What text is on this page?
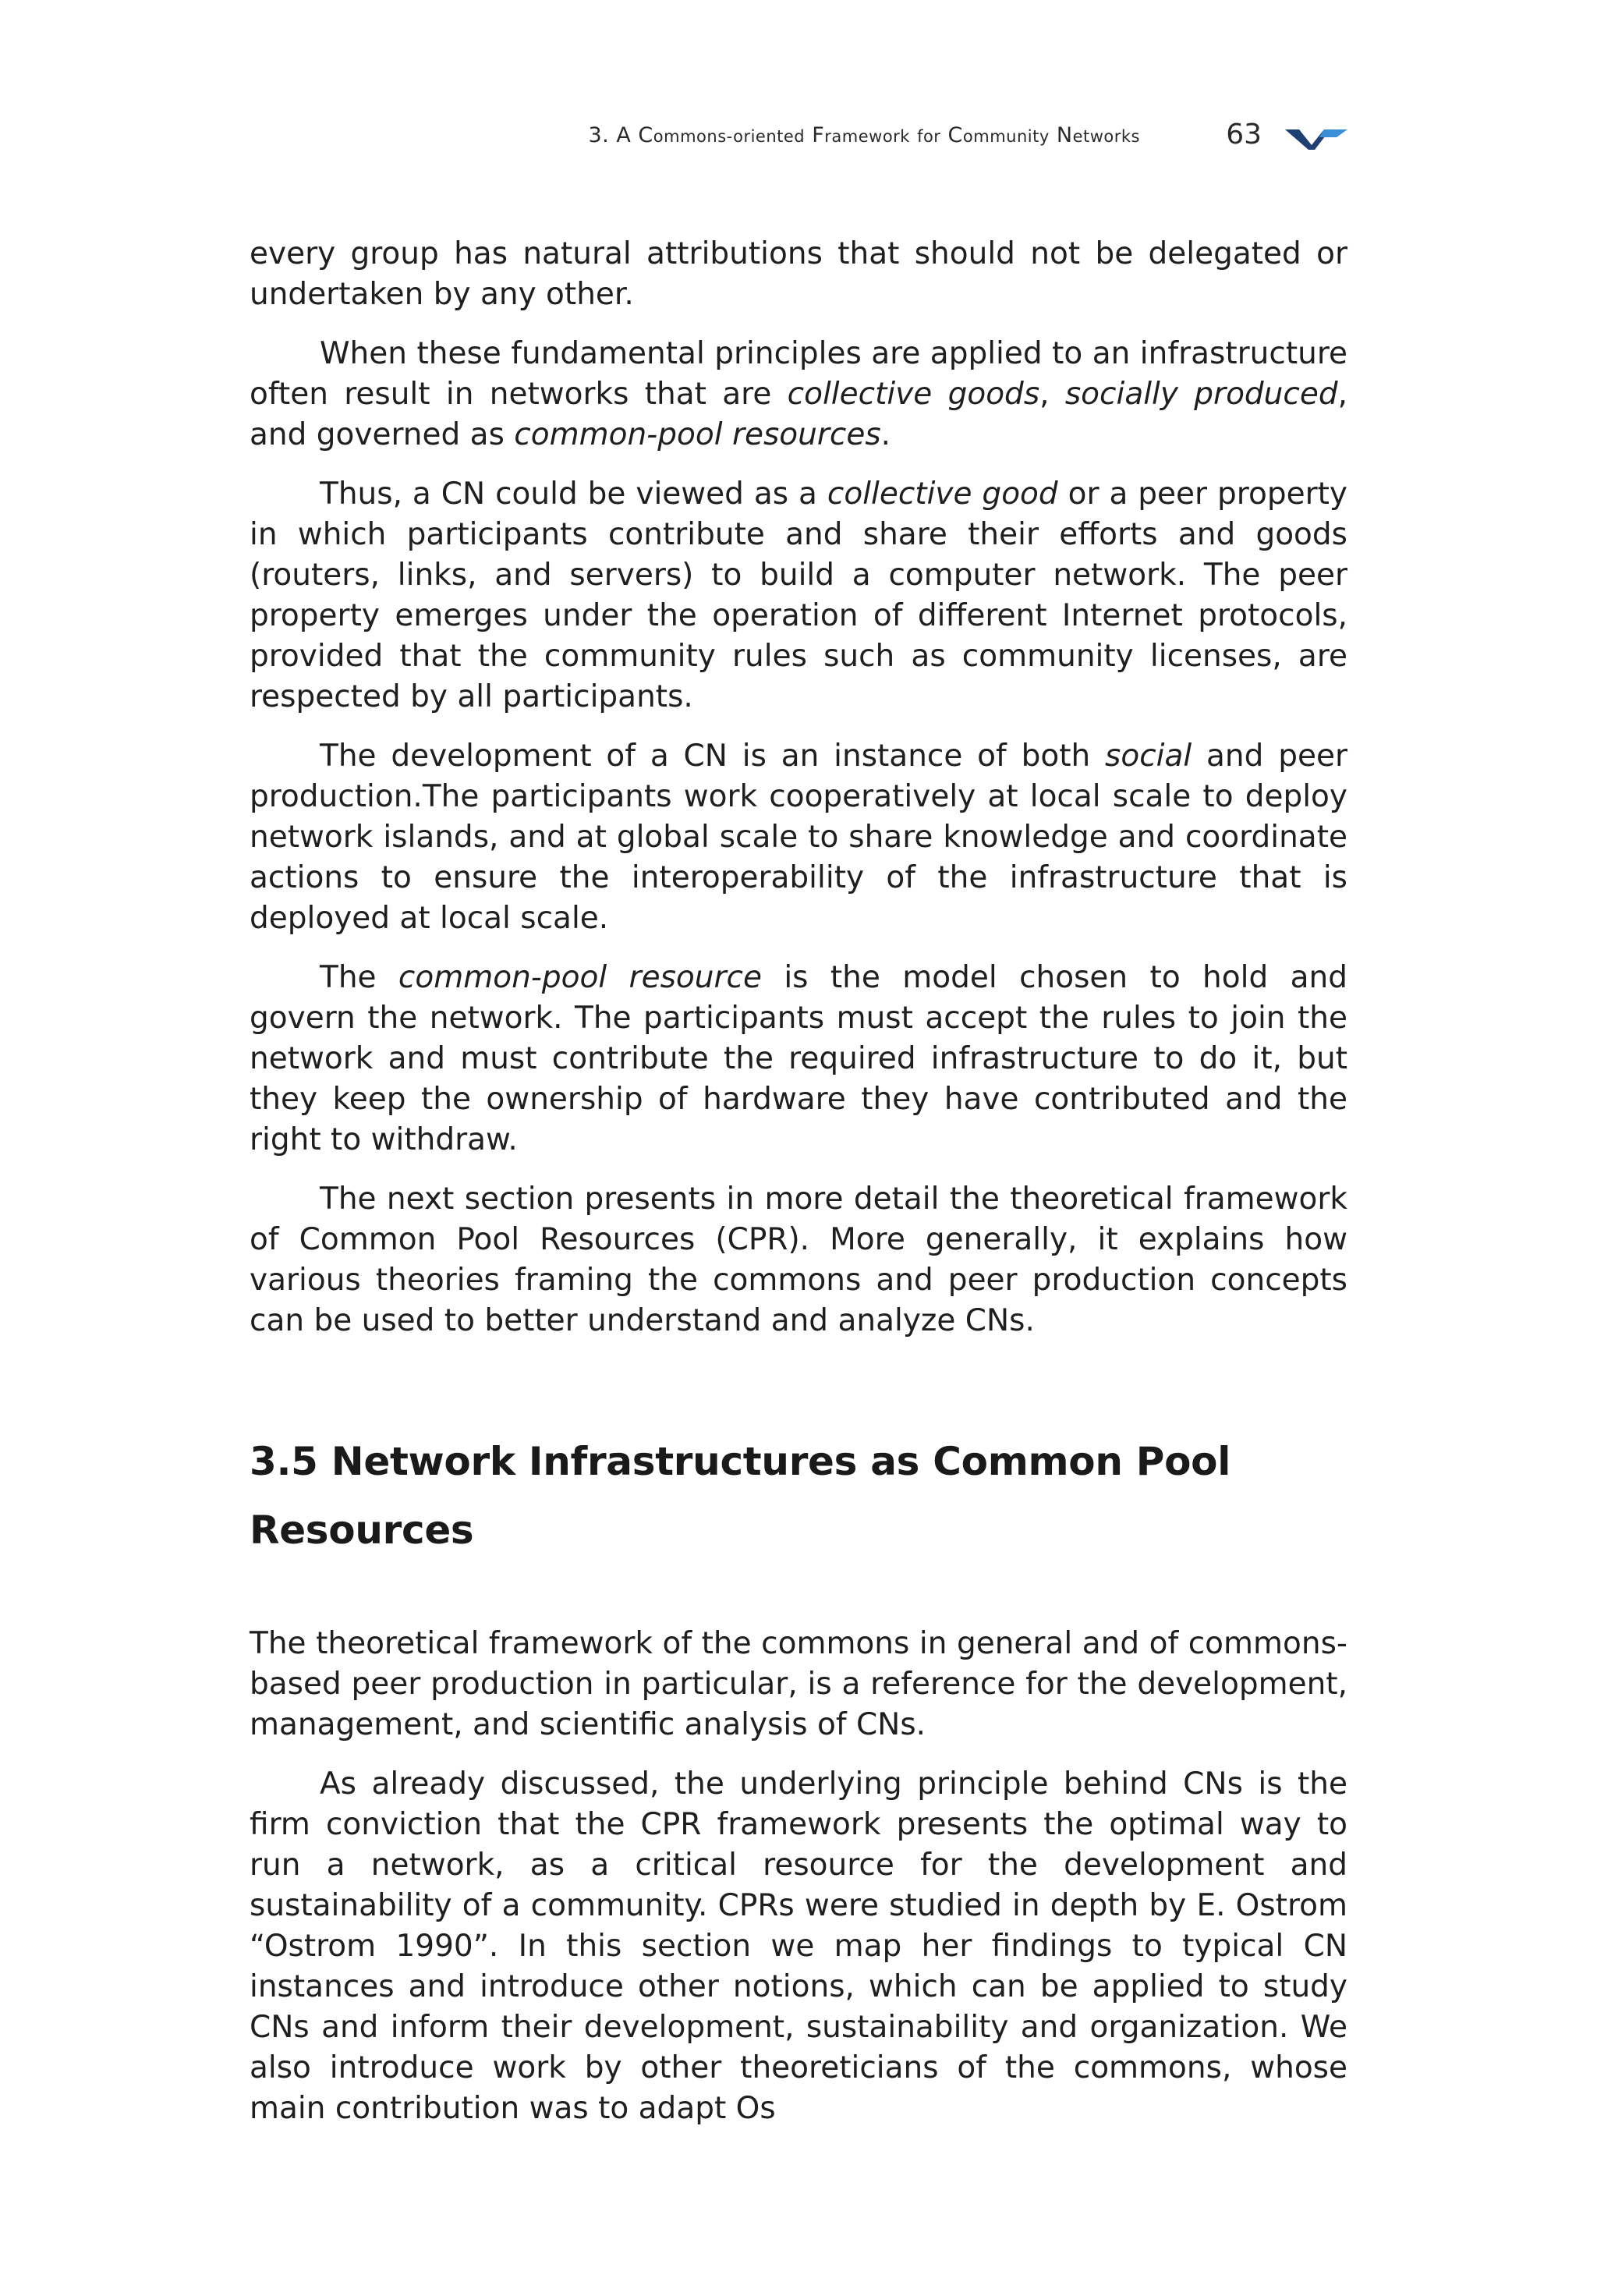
3. A Commons-oriented Framework for Community Networks	63

every group has natural attributions that should not be delegated or undertaken by any other.

When these fundamental principles are applied to an infrastructure often result in networks that are collective goods, socially produced, and governed as common-pool resources.

Thus, a CN could be viewed as a collective good or a peer property in which participants contribute and share their efforts and goods (routers, links, and servers) to build a computer network. The peer property emerges under the operation of different Internet protocols, provided that the community rules such as community licenses, are respected by all participants.

The development of a CN is an instance of both social and peer production.The participants work cooperatively at local scale to deploy network islands, and at global scale to share knowledge and coordinate actions to ensure the interoperability of the infrastructure that is deployed at local scale.

The common-pool resource is the model chosen to hold and govern the network. The participants must accept the rules to join the network and must contribute the required infrastructure to do it, but they keep the ownership of hardware they have contributed and the right to withdraw.

The next section presents in more detail the theoretical framework of Common Pool Resources (CPR). More generally, it explains how various theories framing the commons and peer production concepts can be used to better understand and analyze CNs.

3.5 Network Infrastructures as Common Pool Resources

The theoretical framework of the commons in general and of commons-based peer production in particular, is a reference for the development, management, and scientific analysis of CNs.

As already discussed, the underlying principle behind CNs is the firm conviction that the CPR framework presents the optimal way to run a network, as a critical resource for the development and sustainability of a community. CPRs were studied in depth by E. Ostrom “Ostrom 1990”. In this section we map her findings to typical CN instances and introduce other notions, which can be applied to study CNs and inform their development, sustainability and organization. We also introduce work by other theoreticians of the commons, whose main contribution was to adapt Os
